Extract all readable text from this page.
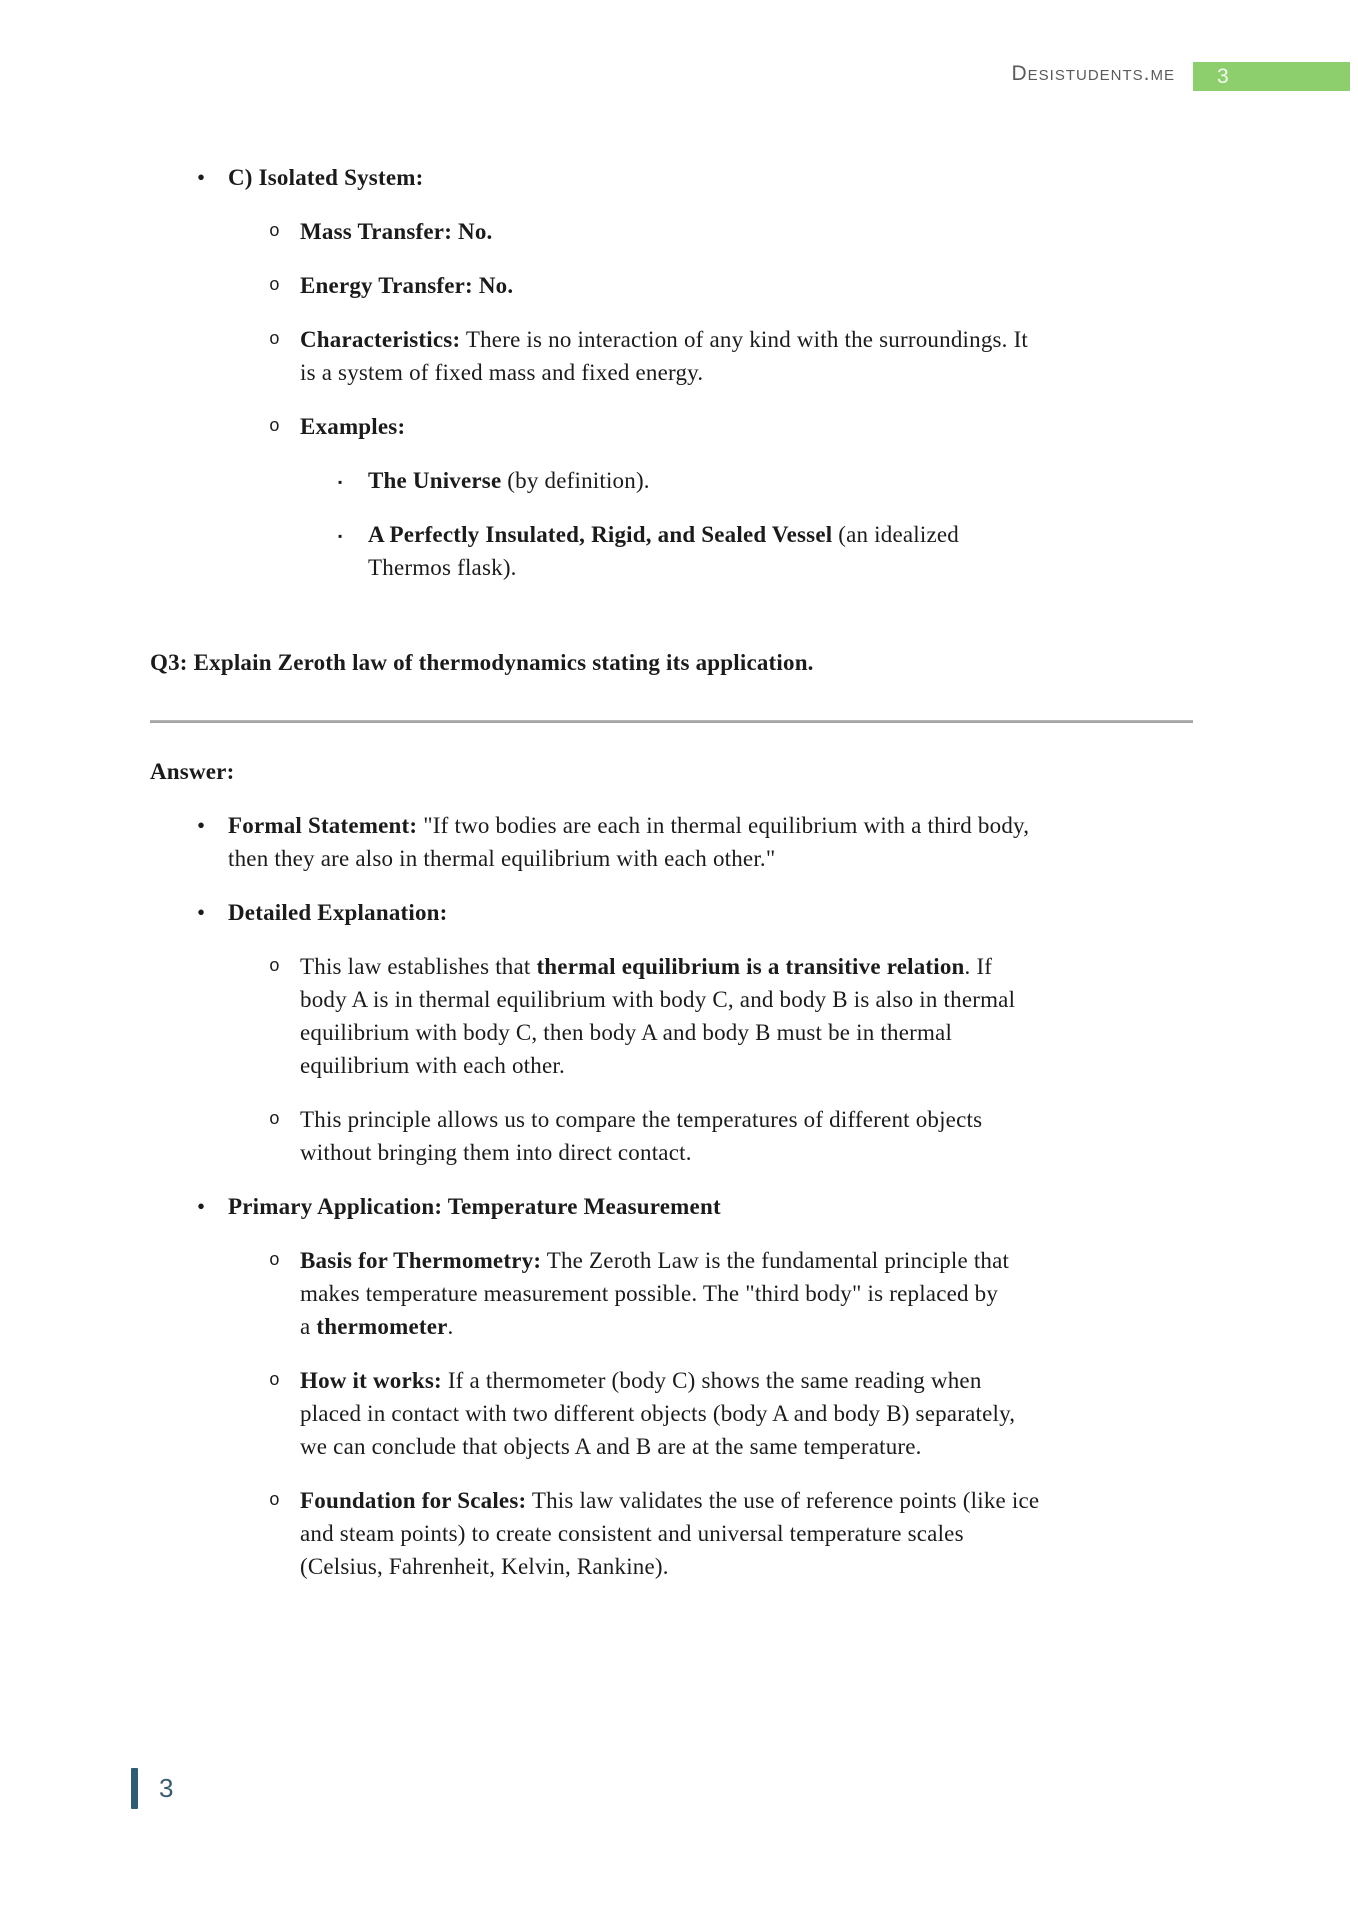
Desistudents.me	3
• C) Isolated System:
o Mass Transfer: No.
o Energy Transfer: No.
o Characteristics: There is no interaction of any kind with the surroundings. It
is a system of fixed mass and fixed energy.
o Examples:
▪ The Universe (by definition).
▪ A Perfectly Insulated, Rigid, and Sealed Vessel (an idealized
Thermos flask).
Q3: Explain Zeroth law of thermodynamics stating its application.
Answer:
• Formal Statement: "If two bodies are each in thermal equilibrium with a third body,
then they are also in thermal equilibrium with each other."
• Detailed Explanation:
o This law establishes that thermal equilibrium is a transitive relation. If
body A is in thermal equilibrium with body C, and body B is also in thermal
equilibrium with body C, then body A and body B must be in thermal
equilibrium with each other.
o This principle allows us to compare the temperatures of different objects
without bringing them into direct contact.
• Primary Application: Temperature Measurement
o Basis for Thermometry: The Zeroth Law is the fundamental principle that
makes temperature measurement possible. The "third body" is replaced by
a thermometer.
o How it works: If a thermometer (body C) shows the same reading when
placed in contact with two different objects (body A and body B) separately,
we can conclude that objects A and B are at the same temperature.
o Foundation for Scales: This law validates the use of reference points (like ice
and steam points) to create consistent and universal temperature scales
(Celsius, Fahrenheit, Kelvin, Rankine).
3
